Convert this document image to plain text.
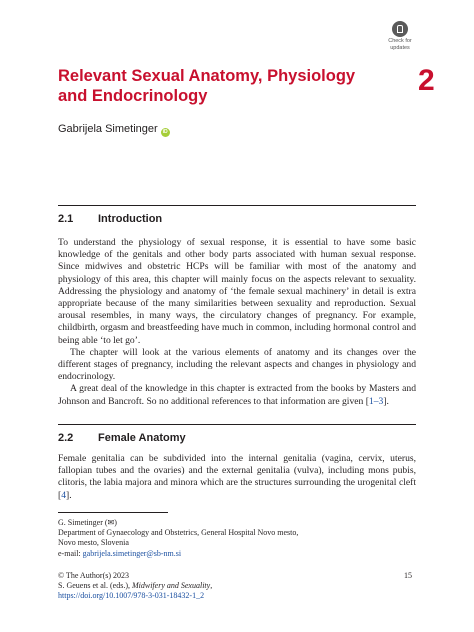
Check for
updates
Relevant Sexual Anatomy, Physiology and Endocrinology	2
Gabrijela Simetinger iD
2.1 Introduction
To understand the physiology of sexual response, it is essential to have some basic knowledge of the genitals and other body parts associated with human sexual response. Since midwives and obstetric HCPs will be familiar with most of the anatomy and physiology of this area, this chapter will mainly focus on the aspects relevant to sexuality. Addressing the physiology and anatomy of ‘the female sexual machinery’ in detail is extra appropriate because of the many similarities between sexuality and reproduction. Sexual arousal resembles, in many ways, the circulatory changes of pregnancy. For example, childbirth, orgasm and breastfeeding have much in common, including hormonal control and being able ‘to let go’.
The chapter will look at the various elements of anatomy and its changes over the different stages of pregnancy, including the relevant aspects and changes in physiology and endocrinology.
A great deal of the knowledge in this chapter is extracted from the books by Masters and Johnson and Bancroft. So no additional references to that information are given [1–3].
2.2 Female Anatomy
Female genitalia can be subdivided into the internal genitalia (vagina, cervix, uterus, fallopian tubes and the ovaries) and the external genitalia (vulva), including mons pubis, clitoris, the labia majora and minora which are the structures surrounding the urogenital cleft [4].
G. Simetinger (✉)
Department of Gynaecology and Obstetrics, General Hospital Novo mesto,
Novo mesto, Slovenia
e-mail: gabrijela.simetinger@sb-nm.si
© The Author(s) 2023
S. Geuens et al. (eds.), Midwifery and Sexuality,
https://doi.org/10.1007/978-3-031-18432-1_2
15
